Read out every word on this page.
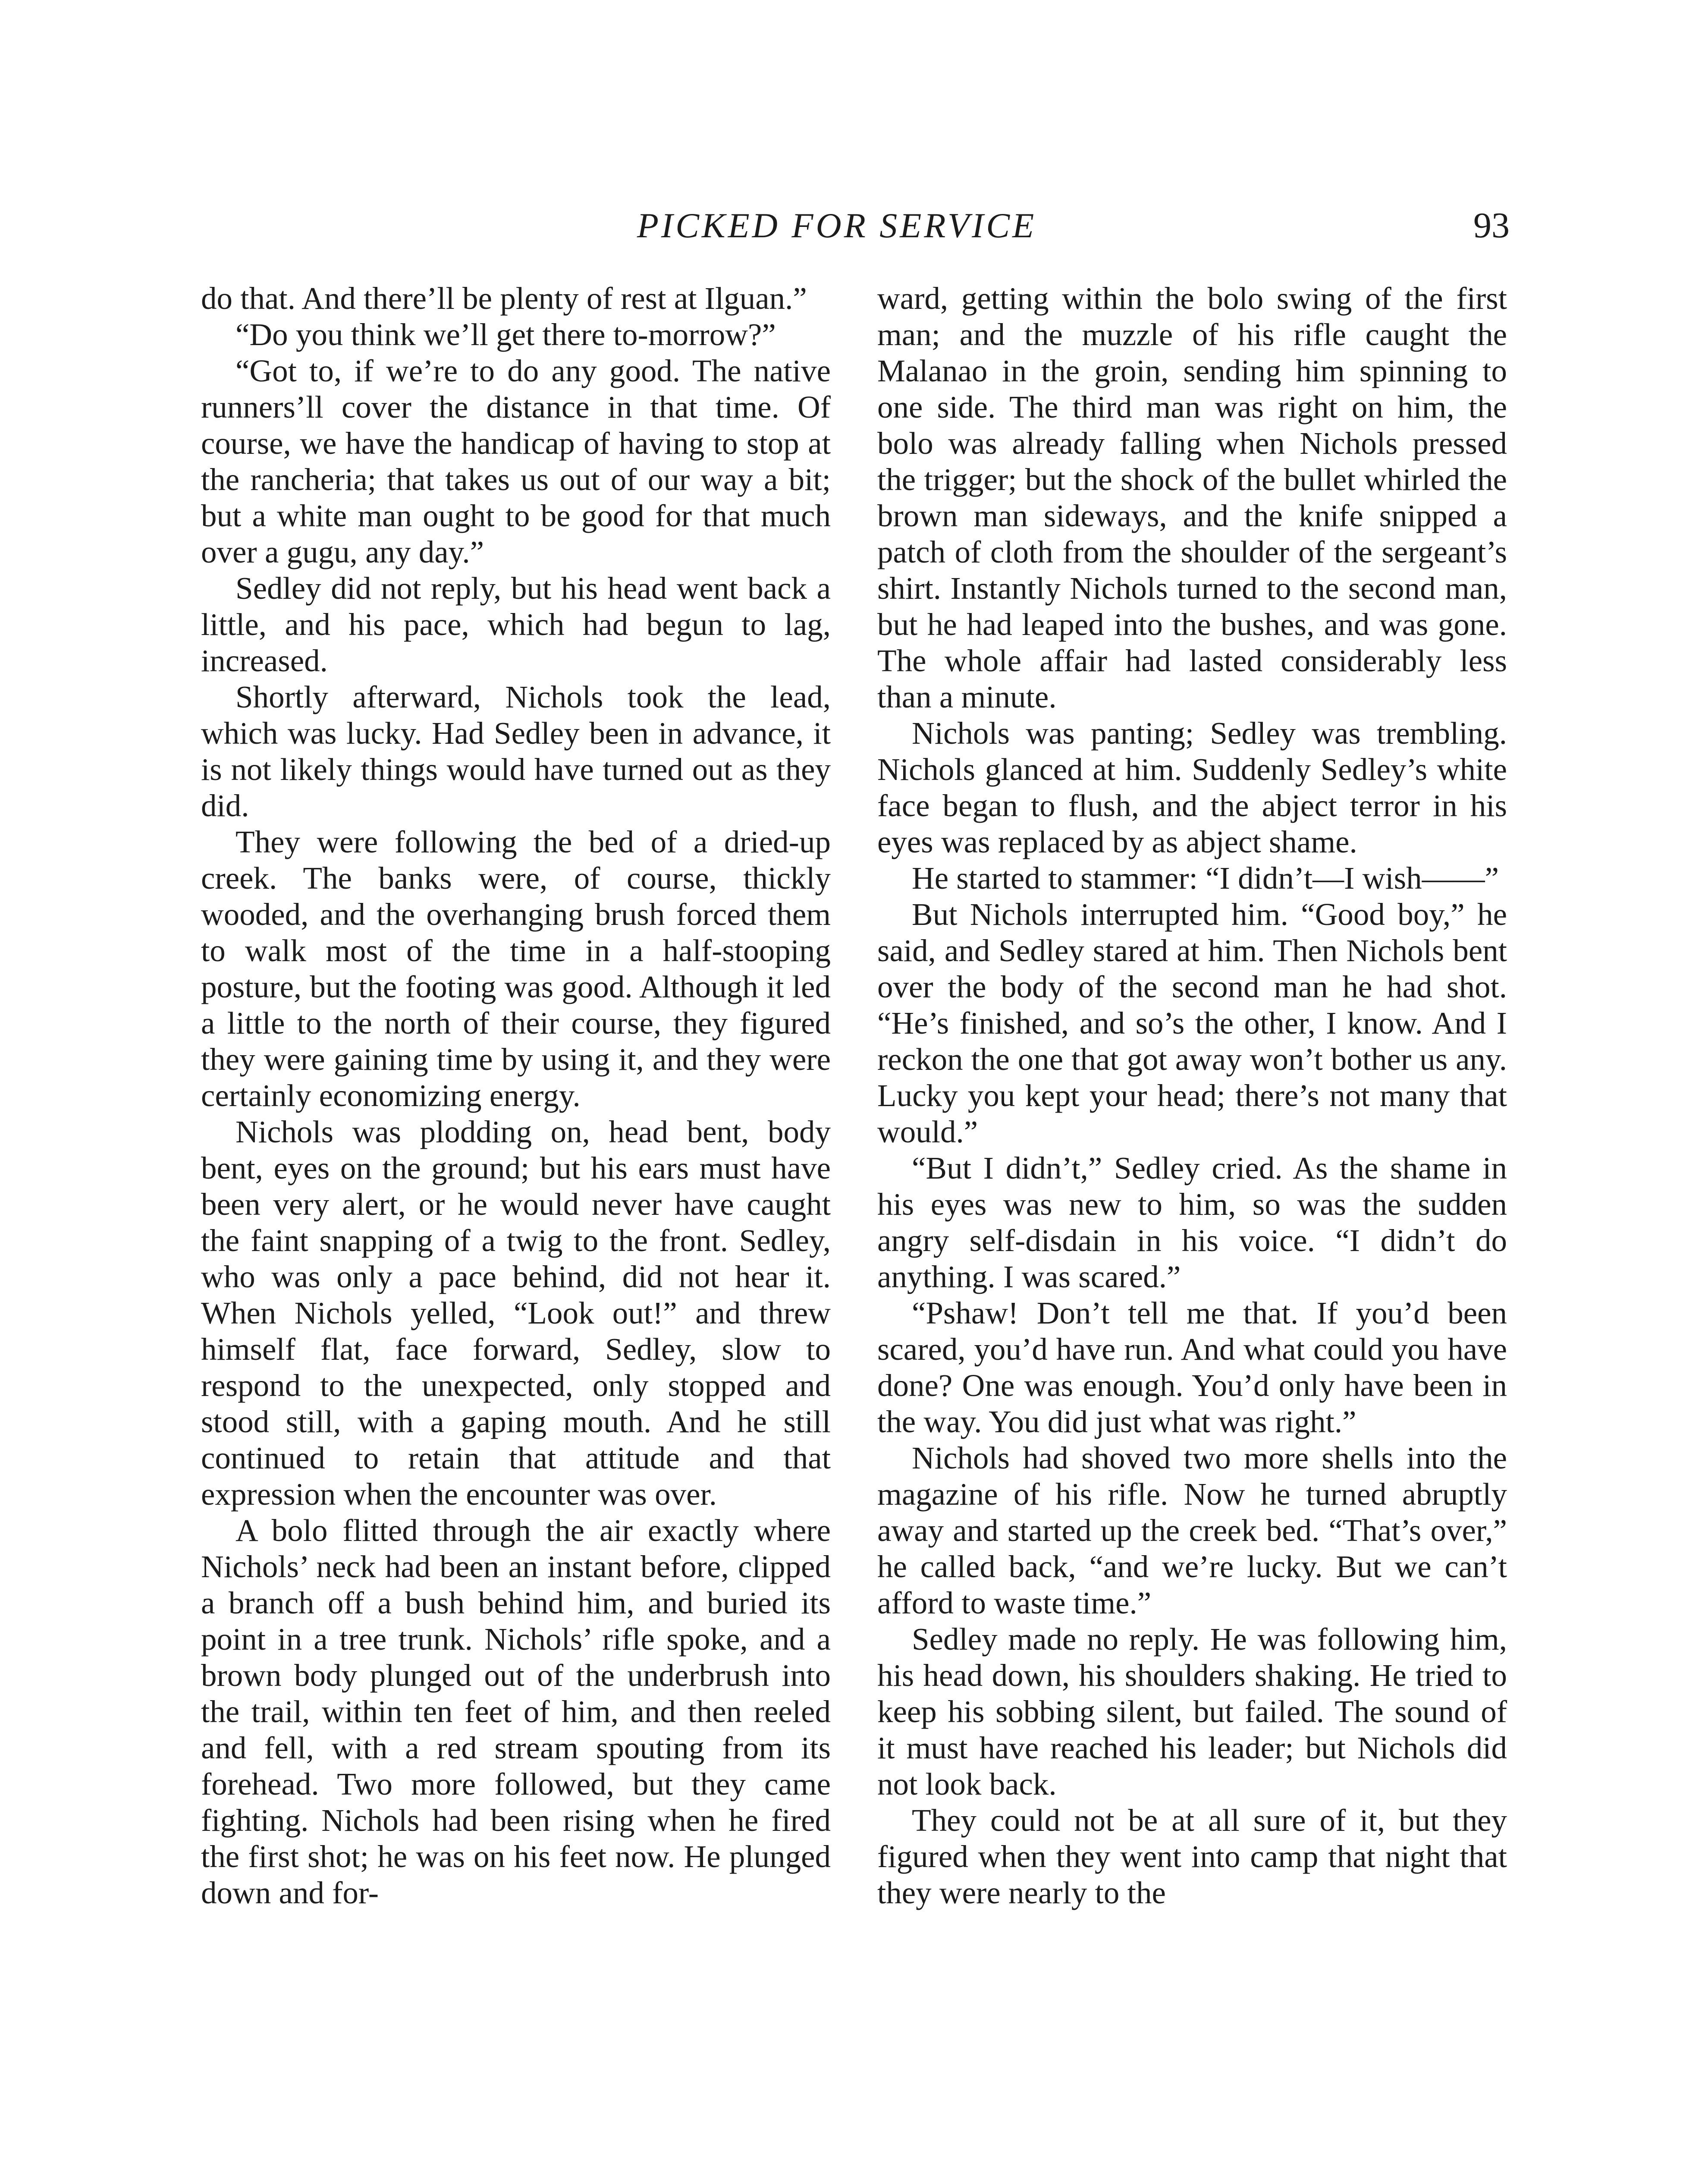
PICKED FOR SERVICE	93

do that. And there’ll be plenty of rest at Ilguan.”

“Do you think we’ll get there to-morrow?”

“Got to, if we’re to do any good. The native runners’ll cover the distance in that time. Of course, we have the handicap of having to stop at the rancheria; that takes us out of our way a bit; but a white man ought to be good for that much over a gugu, any day.”

Sedley did not reply, but his head went back a little, and his pace, which had begun to lag, increased.

Shortly afterward, Nichols took the lead, which was lucky. Had Sedley been in advance, it is not likely things would have turned out as they did.

They were following the bed of a dried-up creek. The banks were, of course, thickly wooded, and the overhanging brush forced them to walk most of the time in a half-stooping posture, but the footing was good. Although it led a little to the north of their course, they figured they were gaining time by using it, and they were certainly economizing energy.

Nichols was plodding on, head bent, body bent, eyes on the ground; but his ears must have been very alert, or he would never have caught the faint snapping of a twig to the front. Sedley, who was only a pace behind, did not hear it. When Nichols yelled, “Look out!” and threw himself flat, face forward, Sedley, slow to respond to the unexpected, only stopped and stood still, with a gaping mouth. And he still continued to retain that attitude and that expression when the encounter was over.

A bolo flitted through the air exactly where Nichols’ neck had been an instant before, clipped a branch off a bush behind him, and buried its point in a tree trunk. Nichols’ rifle spoke, and a brown body plunged out of the underbrush into the trail, within ten feet of him, and then reeled and fell, with a red stream spouting from its forehead. Two more followed, but they came fighting. Nichols had been rising when he fired the first shot; he was on his feet now. He plunged down and for-

ward, getting within the bolo swing of the first man; and the muzzle of his rifle caught the Malanao in the groin, sending him spinning to one side. The third man was right on him, the bolo was already falling when Nichols pressed the trigger; but the shock of the bullet whirled the brown man sideways, and the knife snipped a patch of cloth from the shoulder of the sergeant’s shirt. Instantly Nichols turned to the second man, but he had leaped into the bushes, and was gone. The whole affair had lasted considerably less than a minute.

Nichols was panting; Sedley was trembling. Nichols glanced at him. Suddenly Sedley’s white face began to flush, and the abject terror in his eyes was replaced by as abject shame.

He started to stammer: “I didn’t—I wish——”

But Nichols interrupted him. “Good boy,” he said, and Sedley stared at him. Then Nichols bent over the body of the second man he had shot. “He’s finished, and so’s the other, I know. And I reckon the one that got away won’t bother us any. Lucky you kept your head; there’s not many that would.”

“But I didn’t,” Sedley cried. As the shame in his eyes was new to him, so was the sudden angry self-disdain in his voice. “I didn’t do anything. I was scared.”

“Pshaw! Don’t tell me that. If you’d been scared, you’d have run. And what could you have done? One was enough. You’d only have been in the way. You did just what was right.”

Nichols had shoved two more shells into the magazine of his rifle. Now he turned abruptly away and started up the creek bed. “That’s over,” he called back, “and we’re lucky. But we can’t afford to waste time.”

Sedley made no reply. He was following him, his head down, his shoulders shaking. He tried to keep his sobbing silent, but failed. The sound of it must have reached his leader; but Nichols did not look back.

They could not be at all sure of it, but they figured when they went into camp that night that they were nearly to the
